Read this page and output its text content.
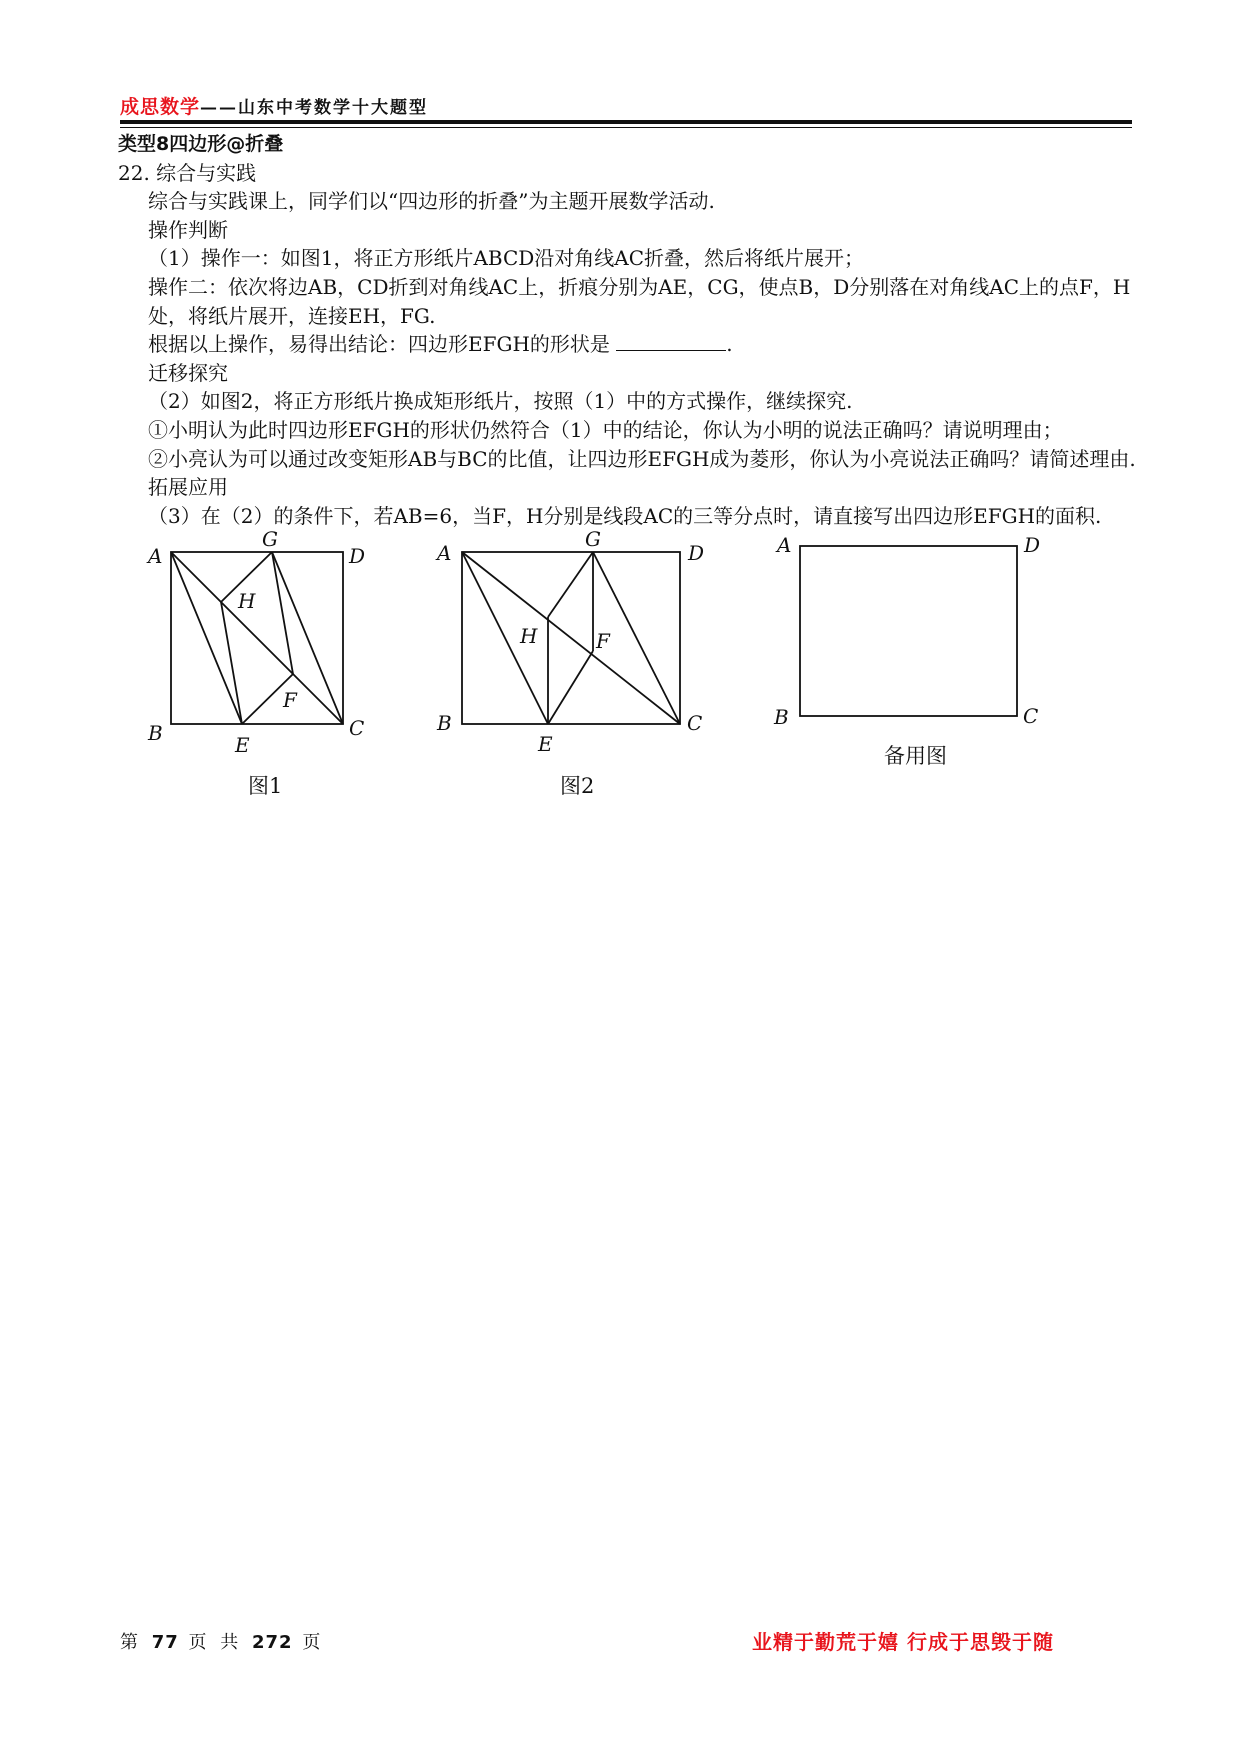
成思数学 ——山东中考数学十大题型

类型8四边形@折叠

22. 综合与实践

综合与实践课上，同学们以“四边形的折叠”为主题开展数学活动.

操作判断

（1）操作一：如图1，将正方形纸片ABCD沿对角线AC折叠，然后将纸片展开；

操作二：依次将边AB，CD折到对角线AC上，折痕分别为AE，CG，使点B，D分别落在对角线AC上的点F，H

处，将纸片展开，连接EH，FG.

根据以上操作，易得出结论：四边形EFGH的形状是	.

迁移探究

（2）如图2，将正方形纸片换成矩形纸片，按照（1）中的方式操作，继续探究.

①小明认为此时四边形EFGH的形状仍然符合（1）中的结论，你认为小明的说法正确吗？请说明理由；

②小亮认为可以通过改变矩形AB与BC的比值，让四边形EFGH成为菱形，你认为小亮说法正确吗？请简述理由.

拓展应用

（3）在（2）的条件下，若AB=6，当F，H分别是线段AC的三等分点时，请直接写出四边形EFGH的面积.

A	D
B	C
G
E
H
F
A	D
B	C
G
E
H	F
A	D
B	C
图1	图2
备用图
第 77 页 共 272 页	业精于勤荒于嬉 行成于思毁于随
